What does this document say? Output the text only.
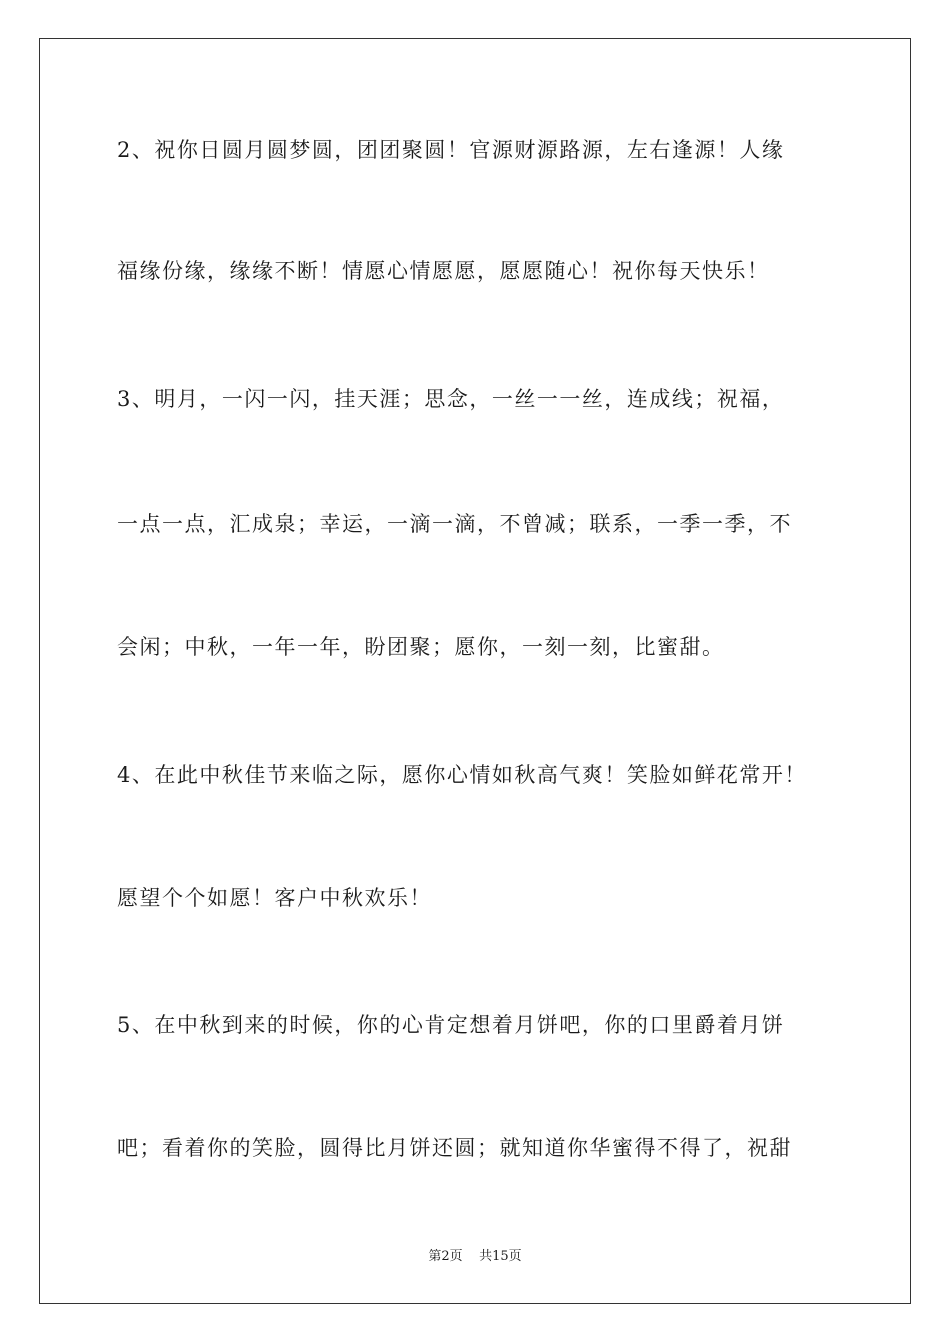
2、祝你日圆月圆梦圆，团团聚圆！官源财源路源，左右逢源！人缘
福缘份缘，缘缘不断！情愿心情愿愿，愿愿随心！祝你每天快乐！
3、明月，一闪一闪，挂天涯；思念，一丝一一丝，连成线；祝福，
一点一点，汇成泉；幸运，一滴一滴，不曾减；联系，一季一季，不
会闲；中秋，一年一年，盼团聚；愿你，一刻一刻，比蜜甜。
4、在此中秋佳节来临之际，愿你心情如秋高气爽！笑脸如鲜花常开！
愿望个个如愿！客户中秋欢乐！
5、在中秋到来的时候，你的心肯定想着月饼吧，你的口里爵着月饼
吧；看着你的笑脸，圆得比月饼还圆；就知道你华蜜得不得了，祝甜
第2页 共15页
